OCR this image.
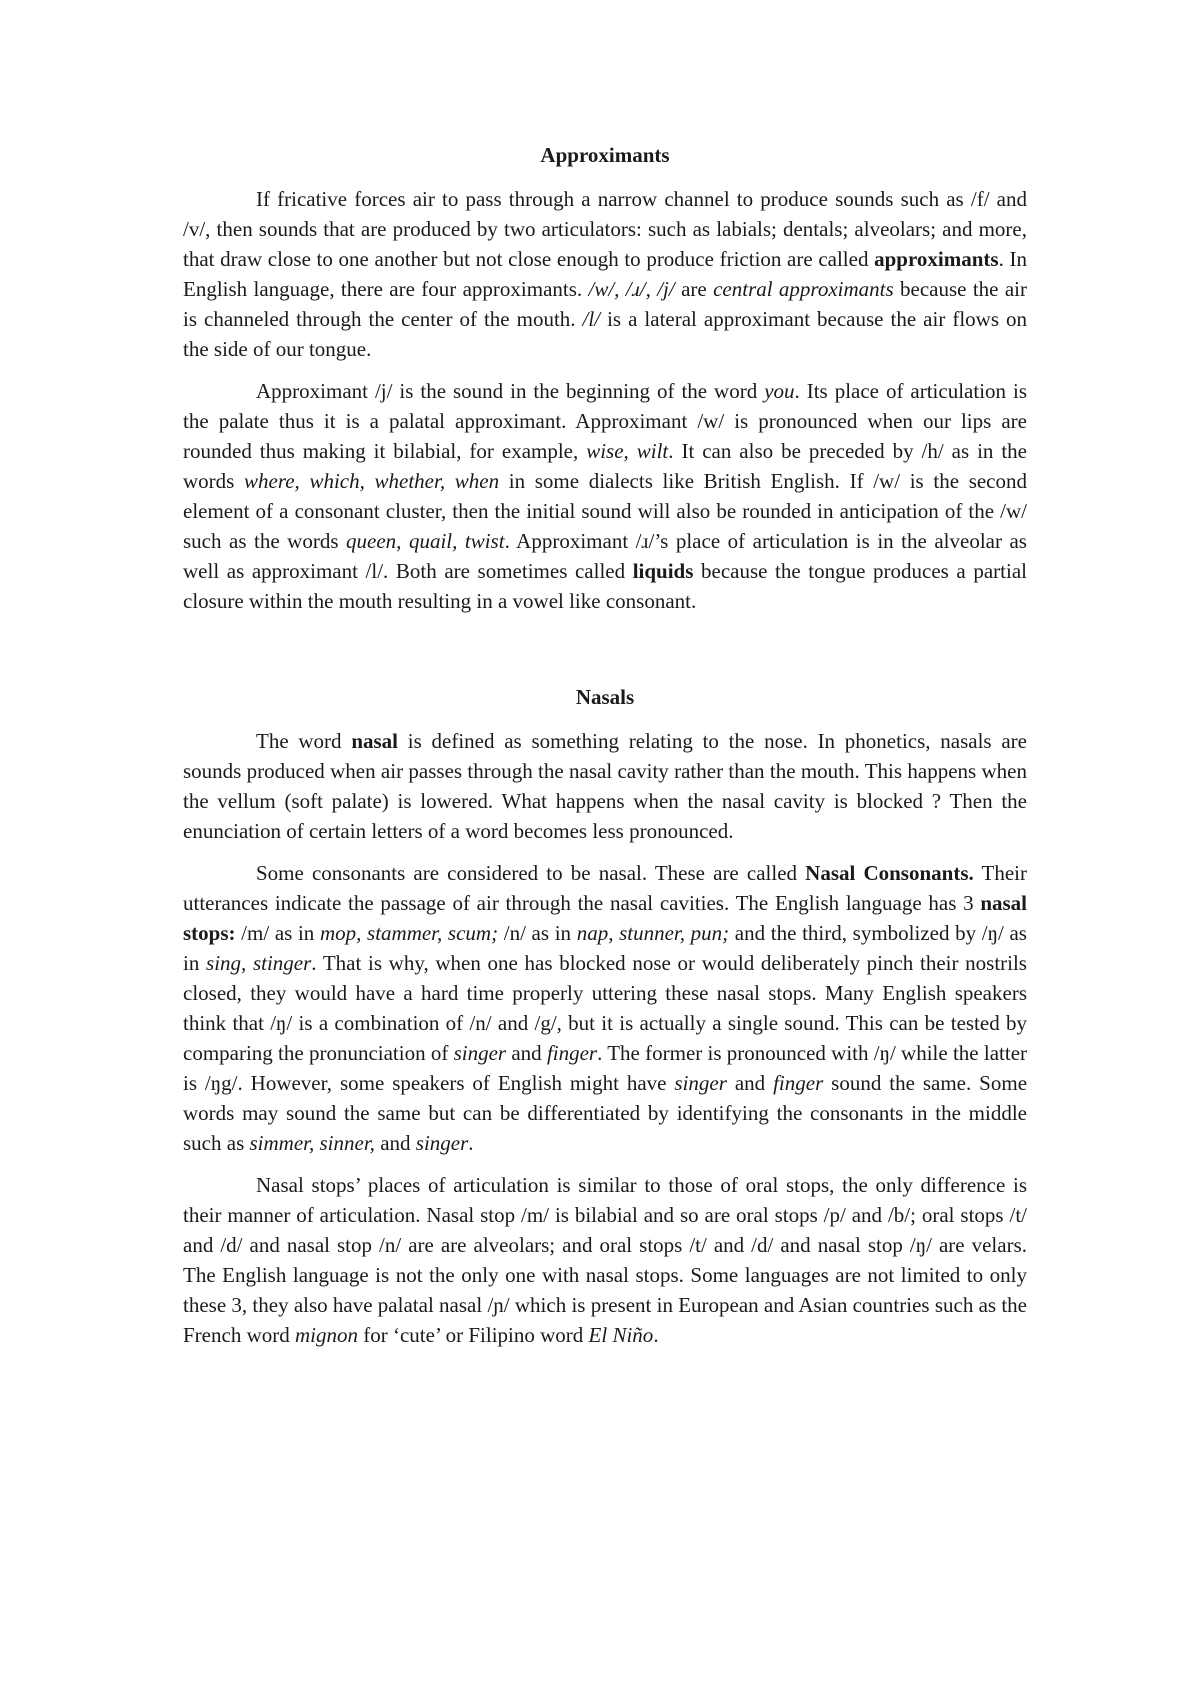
Approximants

If fricative forces air to pass through a narrow channel to produce sounds such as /f/ and /v/, then sounds that are produced by two articulators: such as labials; dentals; alveolars; and more, that draw close to one another but not close enough to produce friction are called approximants. In English language, there are four approximants. /w/, /ɹ/, /j/ are central approximants because the air is channeled through the center of the mouth. /l/ is a lateral approximant because the air flows on the side of our tongue.

Approximant /j/ is the sound in the beginning of the word you. Its place of articulation is the palate thus it is a palatal approximant. Approximant /w/ is pronounced when our lips are rounded thus making it bilabial, for example, wise, wilt. It can also be preceded by /h/ as in the words where, which, whether, when in some dialects like British English. If /w/ is the second element of a consonant cluster, then the initial sound will also be rounded in anticipation of the /w/ such as the words queen, quail, twist. Approximant /ɹ/’s place of articulation is in the alveolar as well as approximant /l/. Both are sometimes called liquids because the tongue produces a partial closure within the mouth resulting in a vowel like consonant.

Nasals

The word nasal is defined as something relating to the nose. In phonetics, nasals are sounds produced when air passes through the nasal cavity rather than the mouth. This happens when the vellum (soft palate) is lowered. What happens when the nasal cavity is blocked ? Then the enunciation of certain letters of a word becomes less pronounced.

Some consonants are considered to be nasal. These are called Nasal Consonants. Their utterances indicate the passage of air through the nasal cavities. The English language has 3 nasal stops: /m/ as in mop, stammer, scum; /n/ as in nap, stunner, pun; and the third, symbolized by /ŋ/ as in sing, stinger. That is why, when one has blocked nose or would deliberately pinch their nostrils closed, they would have a hard time properly uttering these nasal stops. Many English speakers think that /ŋ/ is a combination of /n/ and /g/, but it is actually a single sound. This can be tested by comparing the pronunciation of singer and finger. The former is pronounced with /ŋ/ while the latter is /ŋg/. However, some speakers of English might have singer and finger sound the same. Some words may sound the same but can be differentiated by identifying the consonants in the middle such as simmer, sinner, and singer.

Nasal stops’ places of articulation is similar to those of oral stops, the only difference is their manner of articulation. Nasal stop /m/ is bilabial and so are oral stops /p/ and /b/; oral stops /t/ and /d/ and nasal stop /n/ are are alveolars; and oral stops /t/ and /d/ and nasal stop /ŋ/ are velars. The English language is not the only one with nasal stops. Some languages are not limited to only these 3, they also have palatal nasal /ɲ/ which is present in European and Asian countries such as the French word mignon for ‘cute’ or Filipino word El Niño.
